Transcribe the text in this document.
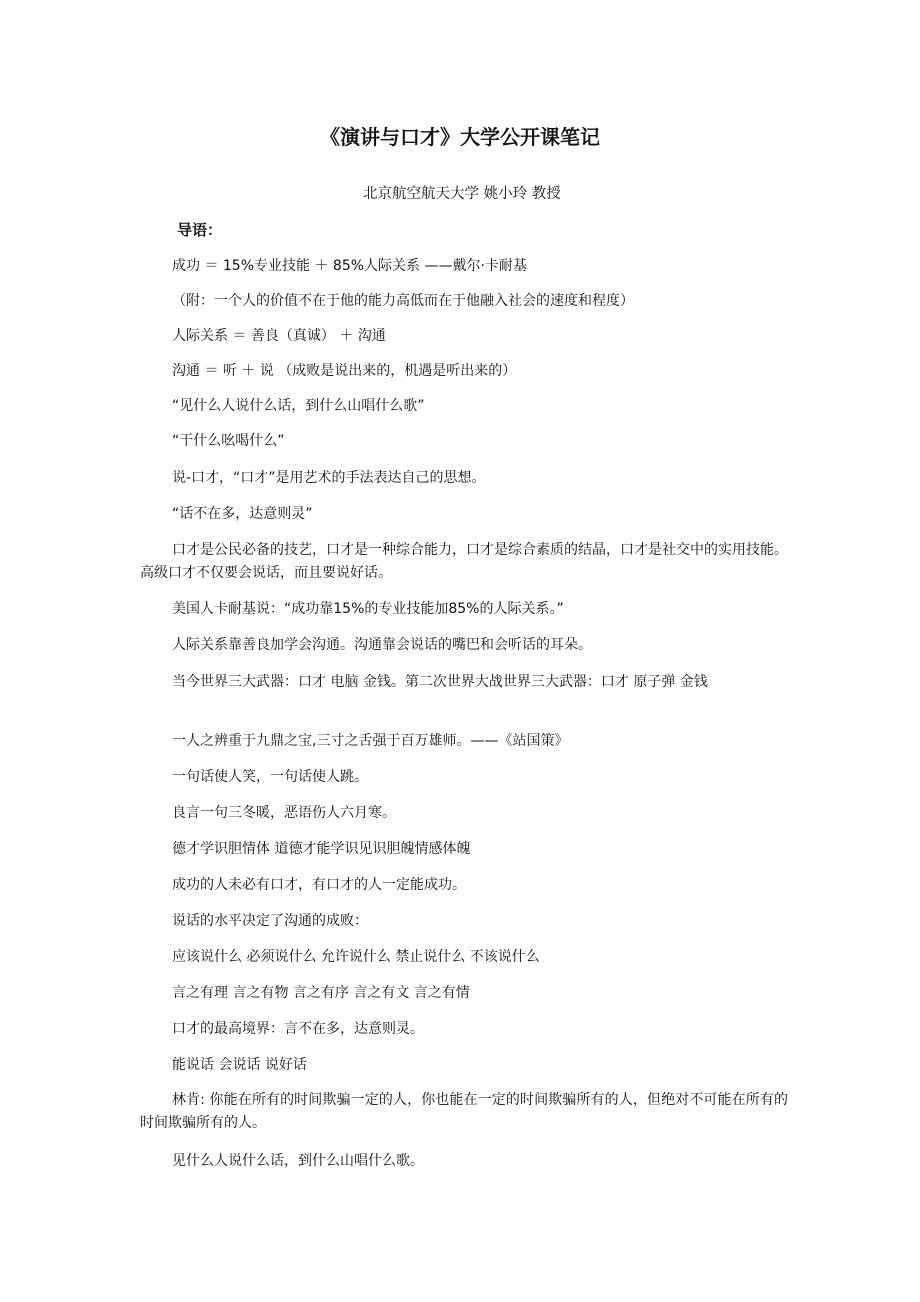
《演讲与口才》大学公开课笔记
北京航空航天大学 姚小玲 教授
导语：
成功 ＝ 15%专业技能 ＋ 85%人际关系 ——戴尔·卡耐基
（附：一个人的价值不在于他的能力高低而在于他融入社会的速度和程度）
人际关系 ＝ 善良（真诚） ＋ 沟通
沟通 ＝ 听 ＋ 说 （成败是说出来的，机遇是听出来的）
“见什么人说什么话，到什么山唱什么歌”
“干什么吆喝什么”
说-口才，“口才”是用艺术的手法表达自己的思想。
“话不在多，达意则灵”
口才是公民必备的技艺，口才是一种综合能力，口才是综合素质的结晶，口才是社交中的实用技能。高级口才不仅要会说话，而且要说好话。
美国人卡耐基说：“成功靠15%的专业技能加85%的人际关系。”
人际关系靠善良加学会沟通。沟通靠会说话的嘴巴和会听话的耳朵。
当今世界三大武器：口才 电脑 金钱。第二次世界大战世界三大武器：口才 原子弹 金钱
一人之辨重于九鼎之宝,三寸之舌强于百万雄师。——《站国策》
一句话使人笑，一句话使人跳。
良言一句三冬暖，恶语伤人六月寒。
德才学识胆情体 道德才能学识见识胆魄情感体魄
成功的人未必有口才，有口才的人一定能成功。
说话的水平决定了沟通的成败：
应该说什么 必须说什么 允许说什么 禁止说什么 不该说什么
言之有理 言之有物 言之有序 言之有文 言之有情
口才的最高境界：言不在多，达意则灵。
能说话 会说话 说好话
林肯: 你能在所有的时间欺骗一定的人，你也能在一定的时间欺骗所有的人，但绝对不可能在所有的时间欺骗所有的人。
见什么人说什么话，到什么山唱什么歌。
